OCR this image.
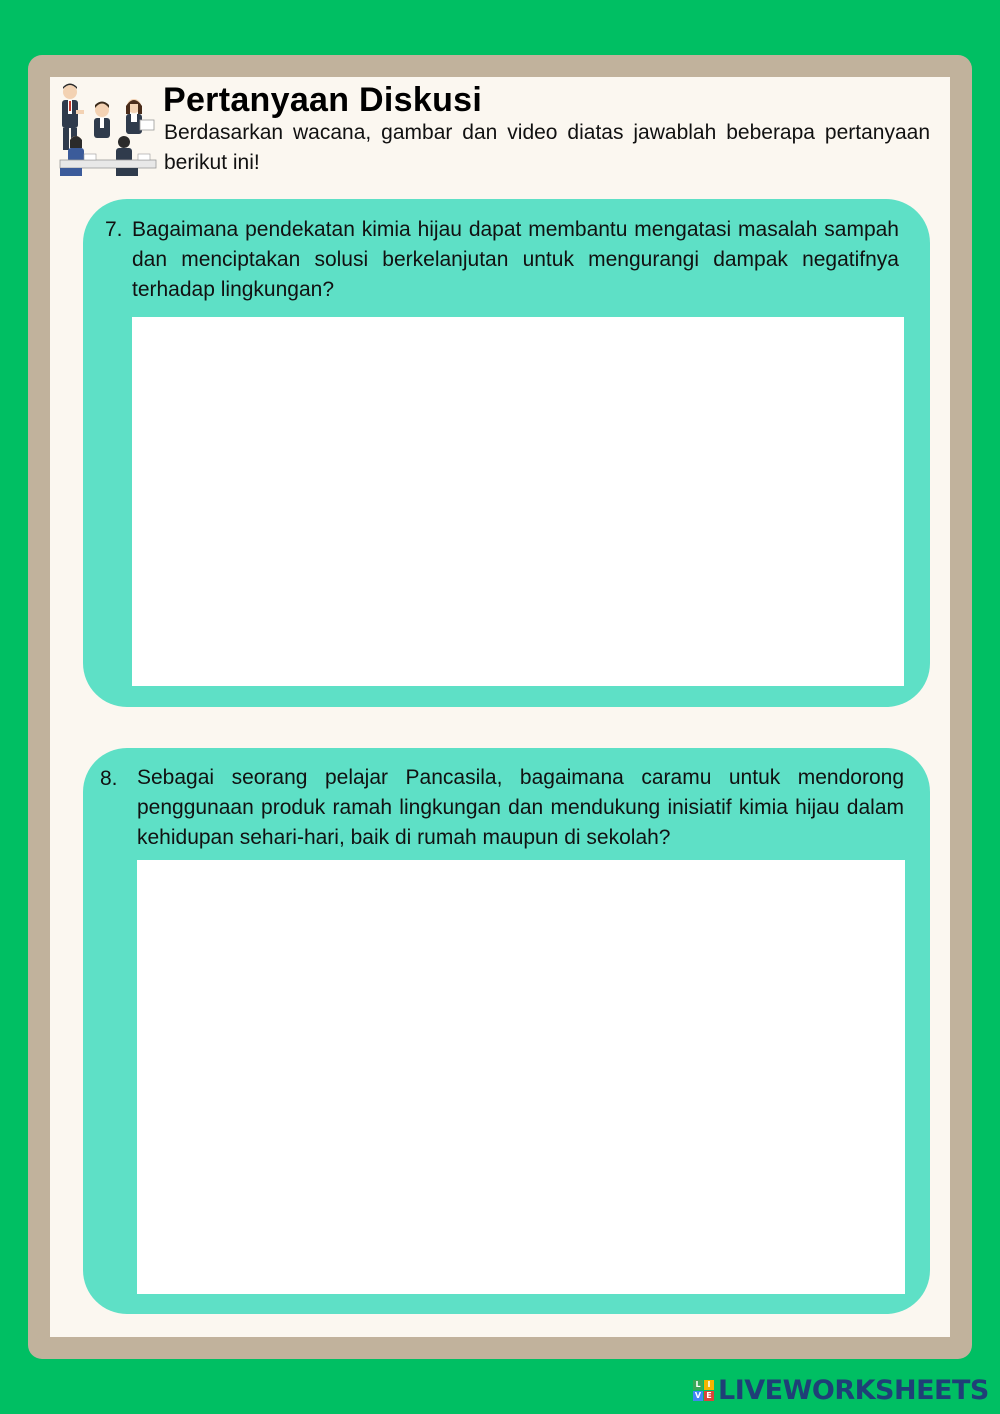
Pertanyaan Diskusi
Berdasarkan wacana, gambar dan video diatas jawablah beberapa pertanyaan berikut ini!
7. Bagaimana pendekatan kimia hijau dapat membantu mengatasi masalah sampah dan menciptakan solusi berkelanjutan untuk mengurangi dampak negatifnya terhadap lingkungan?
8. Sebagai seorang pelajar Pancasila, bagaimana caramu untuk mendorong penggunaan produk ramah lingkungan dan mendukung inisiatif kimia hijau dalam kehidupan sehari-hari, baik di rumah maupun di sekolah?
L I
V E LIVEWORKSHEETS
